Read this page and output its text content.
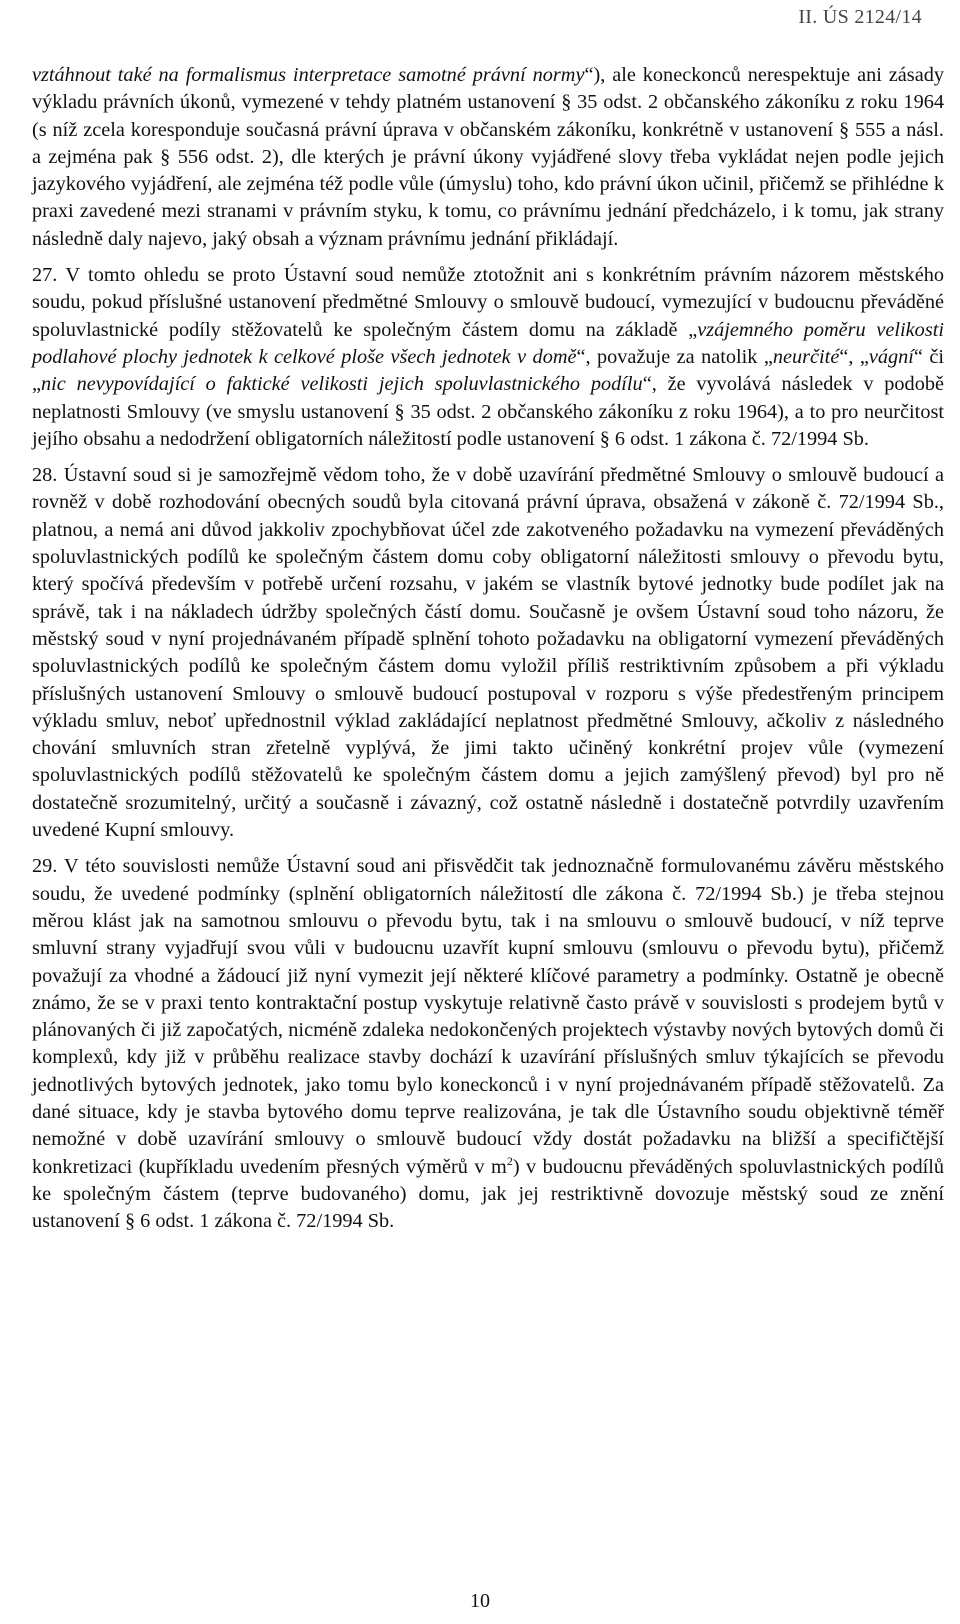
II. ÚS 2124/14

vztáhnout také na formalismus interpretace samotné právní normy“), ale koneckonců nerespektuje ani zásady výkladu právních úkonů, vymezené v tehdy platném ustanovení § 35 odst. 2 občanského zákoníku z roku 1964 (s níž zcela koresponduje současná právní úprava v občanském zákoníku, konkrétně v ustanovení § 555 a násl. a zejména pak § 556 odst. 2), dle kterých je právní úkony vyjádřené slovy třeba vykládat nejen podle jejich jazykového vyjádření, ale zejména též podle vůle (úmyslu) toho, kdo právní úkon učinil, přičemž se přihlédne k praxi zavedené mezi stranami v právním styku, k tomu, co právnímu jednání předcházelo, i k tomu, jak strany následně daly najevo, jaký obsah a význam právnímu jednání přikládají.

27. V tomto ohledu se proto Ústavní soud nemůže ztotožnit ani s konkrétním právním názorem městského soudu, pokud příslušné ustanovení předmětné Smlouvy o smlouvě budoucí, vymezující v budoucnu převáděné spoluvlastnické podíly stěžovatelů ke společným částem domu na základě „vzájemného poměru velikosti podlahové plochy jednotek k celkové ploše všech jednotek v domě“, považuje za natolik „neurčité“, „vágní“ či „nic nevypovídající o faktické velikosti jejich spoluvlastnického podílu“, že vyvolává následek v podobě neplatnosti Smlouvy (ve smyslu ustanovení § 35 odst. 2 občanského zákoníku z roku 1964), a to pro neurčitost jejího obsahu a nedodržení obligatorních náležitostí podle ustanovení § 6 odst. 1 zákona č. 72/1994 Sb.

28. Ústavní soud si je samozřejmě vědom toho, že v době uzavírání předmětné Smlouvy o smlouvě budoucí a rovněž v době rozhodování obecných soudů byla citovaná právní úprava, obsažená v zákoně č. 72/1994 Sb., platnou, a nemá ani důvod jakkoliv zpochybňovat účel zde zakotveného požadavku na vymezení převáděných spoluvlastnických podílů ke společným částem domu coby obligatorní náležitosti smlouvy o převodu bytu, který spočívá především v potřebě určení rozsahu, v jakém se vlastník bytové jednotky bude podílet jak na správě, tak i na nákladech údržby společných částí domu. Současně je ovšem Ústavní soud toho názoru, že městský soud v nyní projednávaném případě splnění tohoto požadavku na obligatorní vymezení převáděných spoluvlastnických podílů ke společným částem domu vyložil příliš restriktivním způsobem a při výkladu příslušných ustanovení Smlouvy o smlouvě budoucí postupoval v rozporu s výše předestřeným principem výkladu smluv, neboť upřednostnil výklad zakládající neplatnost předmětné Smlouvy, ačkoliv z následného chování smluvních stran zřetelně vyplývá, že jimi takto učiněný konkrétní projev vůle (vymezení spoluvlastnických podílů stěžovatelů ke společným částem domu a jejich zamýšlený převod) byl pro ně dostatečně srozumitelný, určitý a současně i závazný, což ostatně následně i dostatečně potvrdily uzavřením uvedené Kupní smlouvy.

29. V této souvislosti nemůže Ústavní soud ani přisvědčit tak jednoznačně formulovanému závěru městského soudu, že uvedené podmínky (splnění obligatorních náležitostí dle zákona č. 72/1994 Sb.) je třeba stejnou měrou klást jak na samotnou smlouvu o převodu bytu, tak i na smlouvu o smlouvě budoucí, v níž teprve smluvní strany vyjadřují svou vůli v budoucnu uzavřít kupní smlouvu (smlouvu o převodu bytu), přičemž považují za vhodné a žádoucí již nyní vymezit její některé klíčové parametry a podmínky. Ostatně je obecně známo, že se v praxi tento kontraktační postup vyskytuje relativně často právě v souvislosti s prodejem bytů v plánovaných či již započatých, nicméně zdaleka nedokončených projektech výstavby nových bytových domů či komplexů, kdy již v průběhu realizace stavby dochází k uzavírání příslušných smluv týkajících se převodu jednotlivých bytových jednotek, jako tomu bylo koneckonců i v nyní projednávaném případě stěžovatelů. Za dané situace, kdy je stavba bytového domu teprve realizována, je tak dle Ústavního soudu objektivně téměř nemožné v době uzavírání smlouvy o smlouvě budoucí vždy dostát požadavku na bližší a specifičtější konkretizaci (kupříkladu uvedením přesných výměrů v $m^2$) v budoucnu převáděných spoluvlastnických podílů ke společným částem (teprve budovaného) domu, jak jej restriktivně dovozuje městský soud ze znění ustanovení § 6 odst. 1 zákona č. 72/1994 Sb.

10
